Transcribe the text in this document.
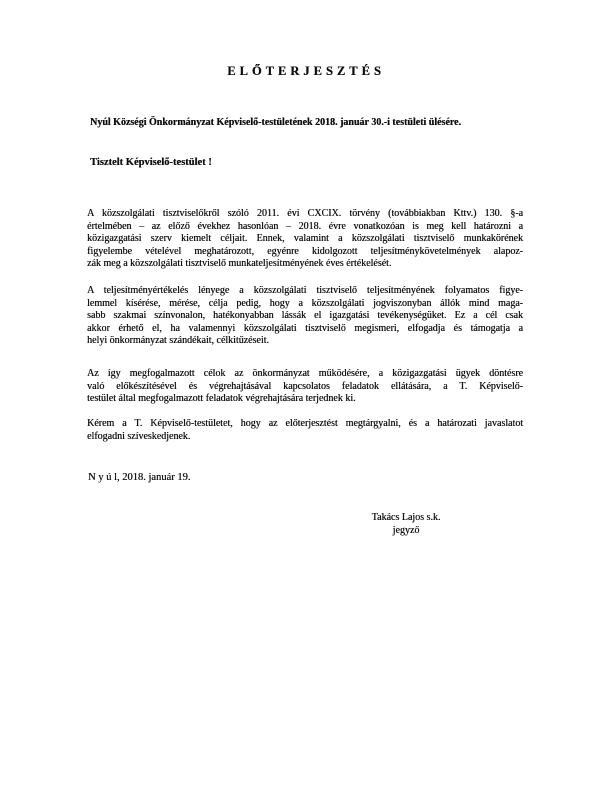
ELŐTERJESZTÉS
Nyúl Községi Önkormányzat Képviselő-testületének 2018. január 30.-i testületi ülésére.
Tisztelt Képviselő-testület !
A közszolgálati tisztviselőkről szóló 2011. évi CXCIX. törvény (továbbiakban Kttv.) 130. §-a
értelmében – az előző évekhez hasonlóan – 2018. évre vonatkozóan is meg kell határozni a
közigazgatási szerv kiemelt céljait. Ennek, valamint a közszolgálati tisztviselő munkakörének
figyelembe vételével meghatározott, egyénre kidolgozott teljesítménykövetelmények alapoz-
zák meg a közszolgálati tisztviselő munkateljesítményének éves értékelését.
A teljesítményértékelés lényege a közszolgálati tisztviselő teljesítményének folyamatos figye-
lemmel kísérése, mérése, célja pedig, hogy a közszolgálati jogviszonyban állók mind maga-
sabb szakmai színvonalon, hatékonyabban lássák el igazgatási tevékenységüket. Ez a cél csak
akkor érhető el, ha valamennyi közszolgálati tisztviselő megismeri, elfogadja és támogatja a
helyi önkormányzat szándékait, célkitűzéseit.
Az így megfogalmazott célok az önkormányzat működésére, a közigazgatási ügyek döntésre
való előkészítésével és végrehajtásával kapcsolatos feladatok ellátására, a T. Képviselő-
testület által megfogalmazott feladatok végrehajtására terjednek ki.
Kérem a T. Képviselő-testületet, hogy az előterjesztést megtárgyalni, és a határozati javaslatot
elfogadni szíveskedjenek.
N y ú l, 2018. január 19.
Takács Lajos s.k.
jegyző
